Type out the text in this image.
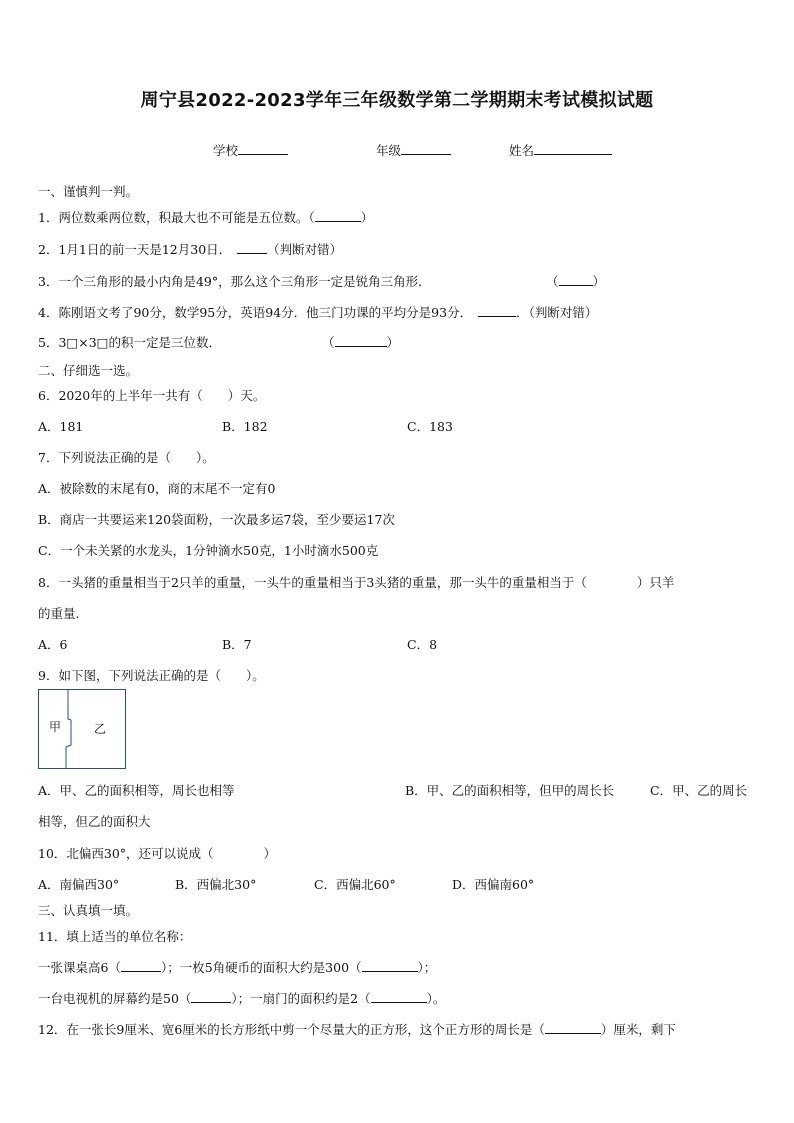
周宁县2022-2023学年三年级数学第二学期期末考试模拟试题
学校	年级	姓名
一、谨慎判一判。
1．两位数乘两位数，积最大也不可能是五位数。（	）
2．1月1日的前一天是12月30日．	（判断对错）
3．一个三角形的最小内角是49°，那么这个三角形一定是锐角三角形．	（	）
4．陈刚语文考了90分，数学95分，英语94分．他三门功课的平均分是93分．	．（判断对错）
5．3□×3□的积一定是三位数．	（	）
二、仔细选一选。
6．2020年的上半年一共有（　　）天。
A．181	B．182	C．183
7．下列说法正确的是（　　）。
A．被除数的末尾有0，商的末尾不一定有0
B．商店一共要运来120袋面粉，一次最多运7袋，至少要运17次
C．一个未关紧的水龙头，1分钟滴水50克，1小时滴水500克
8．一头猪的重量相当于2只羊的重量，一头牛的重量相当于3头猪的重量，那一头牛的重量相当于（　　　　）只羊
的重量.
A．6	B．7	C．8
9．如下图，下列说法正确的是（　　）。
甲	乙
A．甲、乙的面积相等，周长也相等	B．甲、乙的面积相等，但甲的周长长	C．甲、乙的周长
相等，但乙的面积大
10．北偏西30°，还可以说成（　　　　）
A．南偏西30°	B．西偏北30°	C．西偏北60°	D．西偏南60°
三、认真填一填。
11．填上适当的单位名称：
一张课桌高6（	）；一枚5角硬币的面积大约是300（	）；
一台电视机的屏幕约是50（	）；一扇门的面积约是2（	）。
12．在一张长9厘米、宽6厘米的长方形纸中剪一个尽量大的正方形，这个正方形的周长是（	）厘米，剩下
